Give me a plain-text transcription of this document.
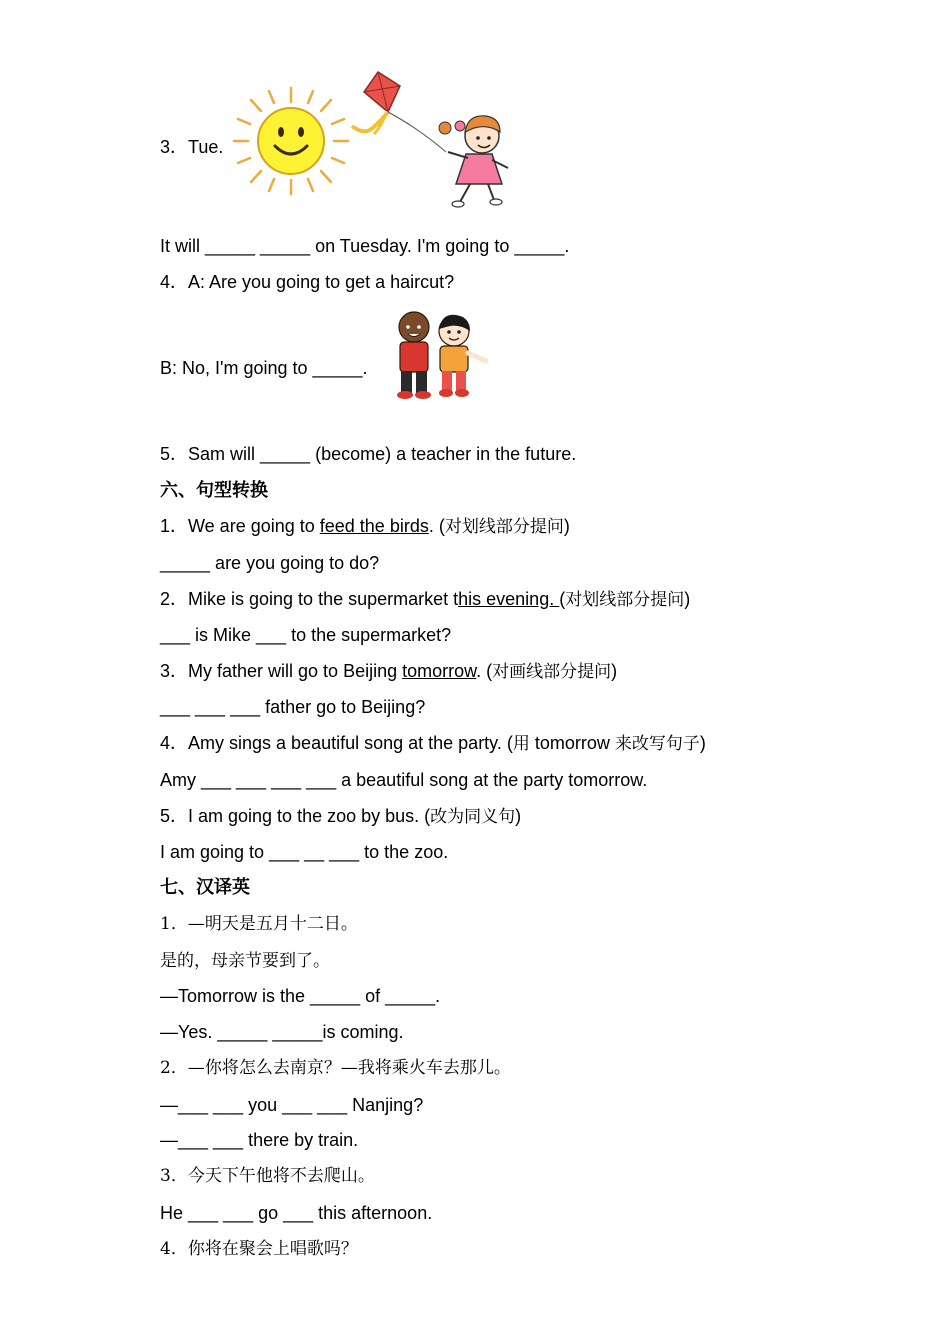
3．Tue.
It will _____ _____ on Tuesday. I'm going to _____.
4．A: Are you going to get a haircut?
B: No, I'm going to _____.
5．Sam will _____ (become) a teacher in the future.
六、句型转换
1．We are going to feed the birds. (对划线部分提问)
_____ are you going to do?
2．Mike is going to the supermarket this evening. (对划线部分提问)
___ is Mike ___ to the supermarket?
3．My father will go to Beijing tomorrow. (对画线部分提问)
___ ___ ___ father go to Beijing?
4．Amy sings a beautiful song at the party. (用 tomorrow 来改写句子)
Amy ___ ___ ___ ___ a beautiful song at the party tomorrow.
5．I am going to the zoo by bus. (改为同义句)
I am going to ___ __ ___ to the zoo.
七、汉译英
1．—明天是五月十二日。
是的，母亲节要到了。
—Tomorrow is the _____ of _____.
—Yes. _____ _____is coming.
2．—你将怎么去南京？—我将乘火车去那儿。
—___ ___ you ___ ___ Nanjing?
—___ ___ there by train.
3．今天下午他将不去爬山。
He ___ ___ go ___ this afternoon.
4．你将在聚会上唱歌吗？
